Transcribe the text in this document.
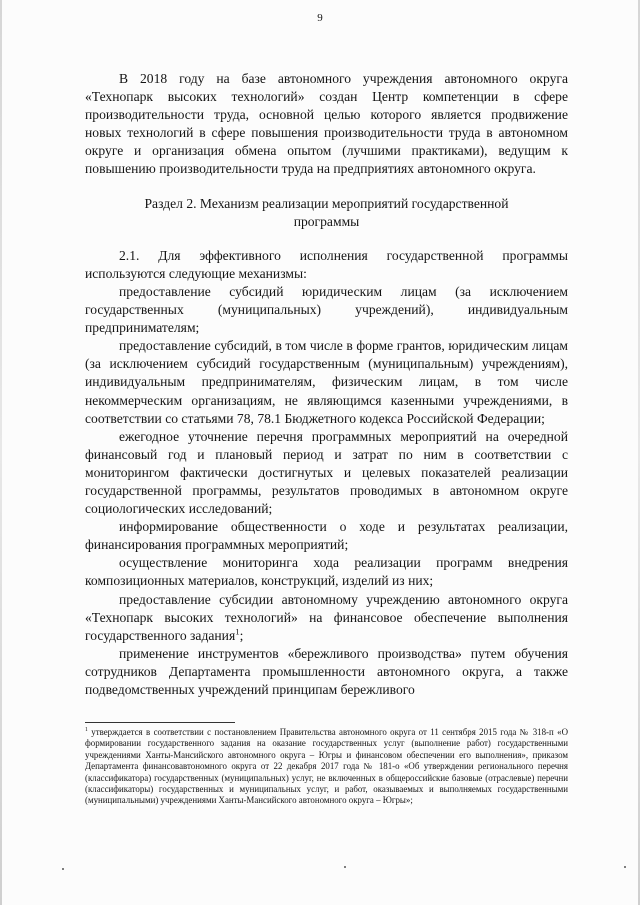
9

В 2018 году на базе автономного учреждения автономного округа «Технопарк высоких технологий» создан Центр компетенции в сфере производительности труда, основной целью которого является продвижение новых технологий в сфере повышения производительности труда в автономном округе и организация обмена опытом (лучшими практиками), ведущим к повышению производительности труда на предприятиях автономного округа.

Раздел 2. Механизм реализации мероприятий государственной программы

2.1. Для эффективного исполнения государственной программы используются следующие механизмы:

предоставление субсидий юридическим лицам (за исключением государственных (муниципальных) учреждений), индивидуальным предпринимателям;

предоставление субсидий, в том числе в форме грантов, юридическим лицам (за исключением субсидий государственным (муниципальным) учреждениям), индивидуальным предпринимателям, физическим лицам, в том числе некоммерческим организациям, не являющимся казенными учреждениями, в соответствии со статьями 78, 78.1 Бюджетного кодекса Российской Федерации;

ежегодное уточнение перечня программных мероприятий на очередной финансовый год и плановый период и затрат по ним в соответствии с мониторингом фактически достигнутых и целевых показателей реализации государственной программы, результатов проводимых в автономном округе социологических исследований;

информирование общественности о ходе и результатах реализации, финансирования программных мероприятий;

осуществление мониторинга хода реализации программ внедрения композиционных материалов, конструкций, изделий из них;

предоставление субсидии автономному учреждению автономного округа «Технопарк высоких технологий» на финансовое обеспечение выполнения государственного задания$^1$;

применение инструментов «бережливого производства» путем обучения сотрудников Департамента промышленности автономного округа, а также подведомственных учреждений принципам бережливого

$^1$ утверждается в соответствии с постановлением Правительства автономного округа от 11 сентября 2015 года № 318-п «О формировании государственного задания на оказание государственных услуг (выполнение работ) государственными учреждениями Ханты-Мансийского автономного округа – Югры и финансовом обеспечении его выполнения», приказом Департамента финансовавтономного округа от 22 декабря 2017 года № 181-о «Об утверждении регионального перечня (классификатора) государственных (муниципальных) услуг, не включенных в общероссийские базовые (отраслевые) перечни (классификаторы) государственных и муниципальных услуг, и работ, оказываемых и выполняемых государственными (муниципальными) учреждениями Ханты-Мансийского автономного округа – Югры»;
